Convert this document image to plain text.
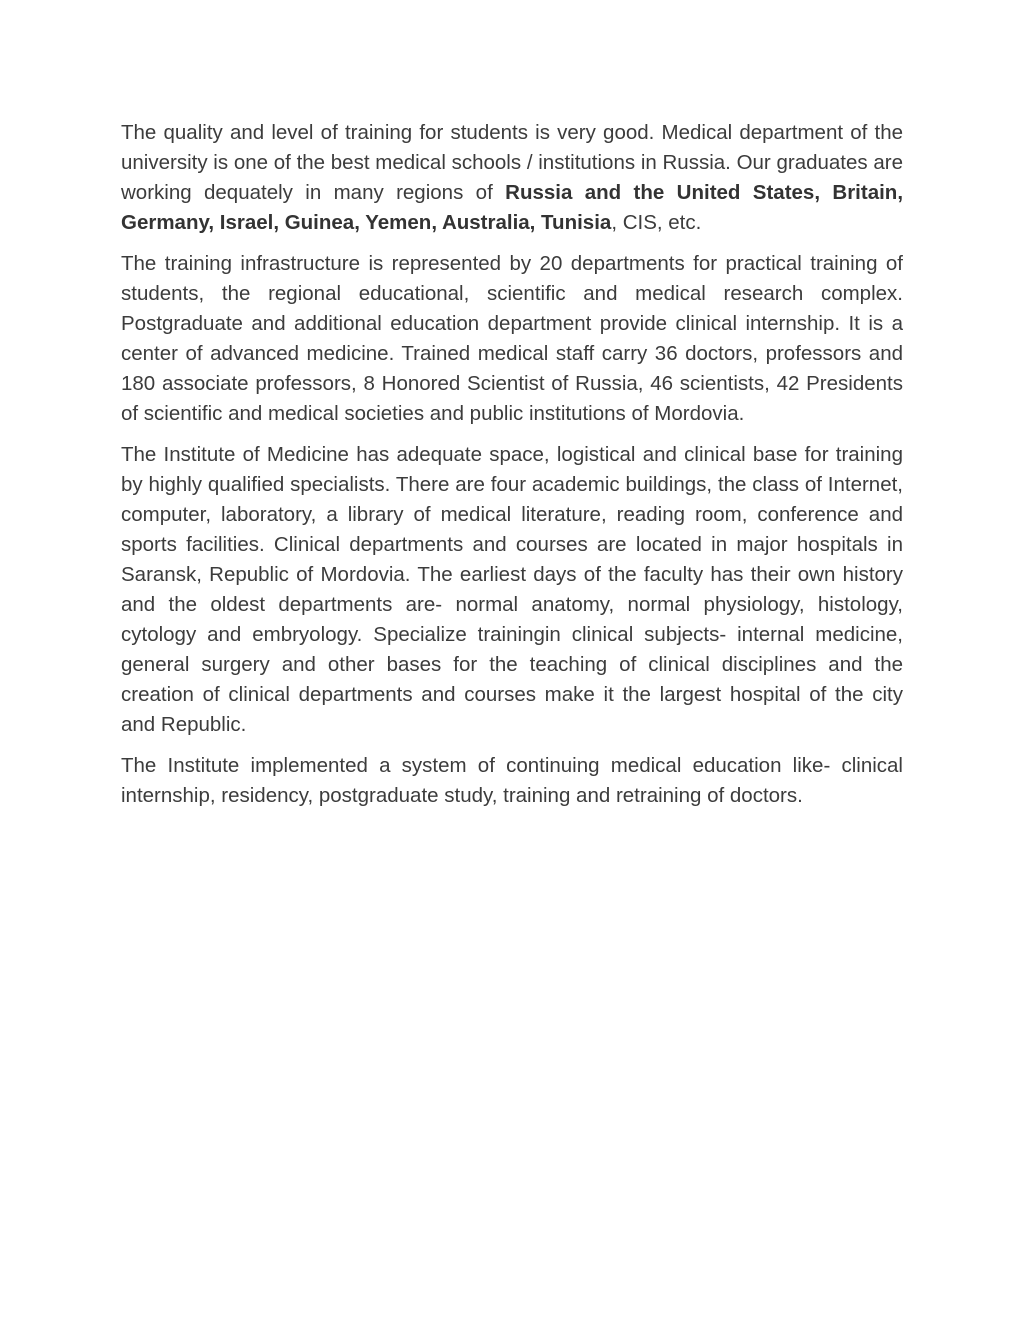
The quality and level of training for students is very good. Medical department of the university is one of the best medical schools / institutions in Russia. Our graduates are working dequately in many regions of Russia and the United States, Britain, Germany, Israel, Guinea, Yemen, Australia, Tunisia, CIS, etc.

The training infrastructure is represented by 20 departments for practical training of students, the regional educational, scientific and medical research complex. Postgraduate and additional education department provide clinical internship. It is a center of advanced medicine. Trained medical staff carry 36 doctors, professors and 180 associate professors, 8 Honored Scientist of Russia, 46 scientists, 42 Presidents of scientific and medical societies and public institutions of Mordovia.

The Institute of Medicine has adequate space, logistical and clinical base for training by highly qualified specialists. There are four academic buildings, the class of Internet, computer, laboratory, a library of medical literature, reading room, conference and sports facilities. Clinical departments and courses are located in major hospitals in Saransk, Republic of Mordovia. The earliest days of the faculty has their own history and the oldest departments are- normal anatomy, normal physiology, histology, cytology and embryology. Specialize trainingin clinical subjects- internal medicine, general surgery and other bases for the teaching of clinical disciplines and the creation of clinical departments and courses make it the largest hospital of the city and Republic.

The Institute implemented a system of continuing medical education like- clinical internship, residency, postgraduate study, training and retraining of doctors.
